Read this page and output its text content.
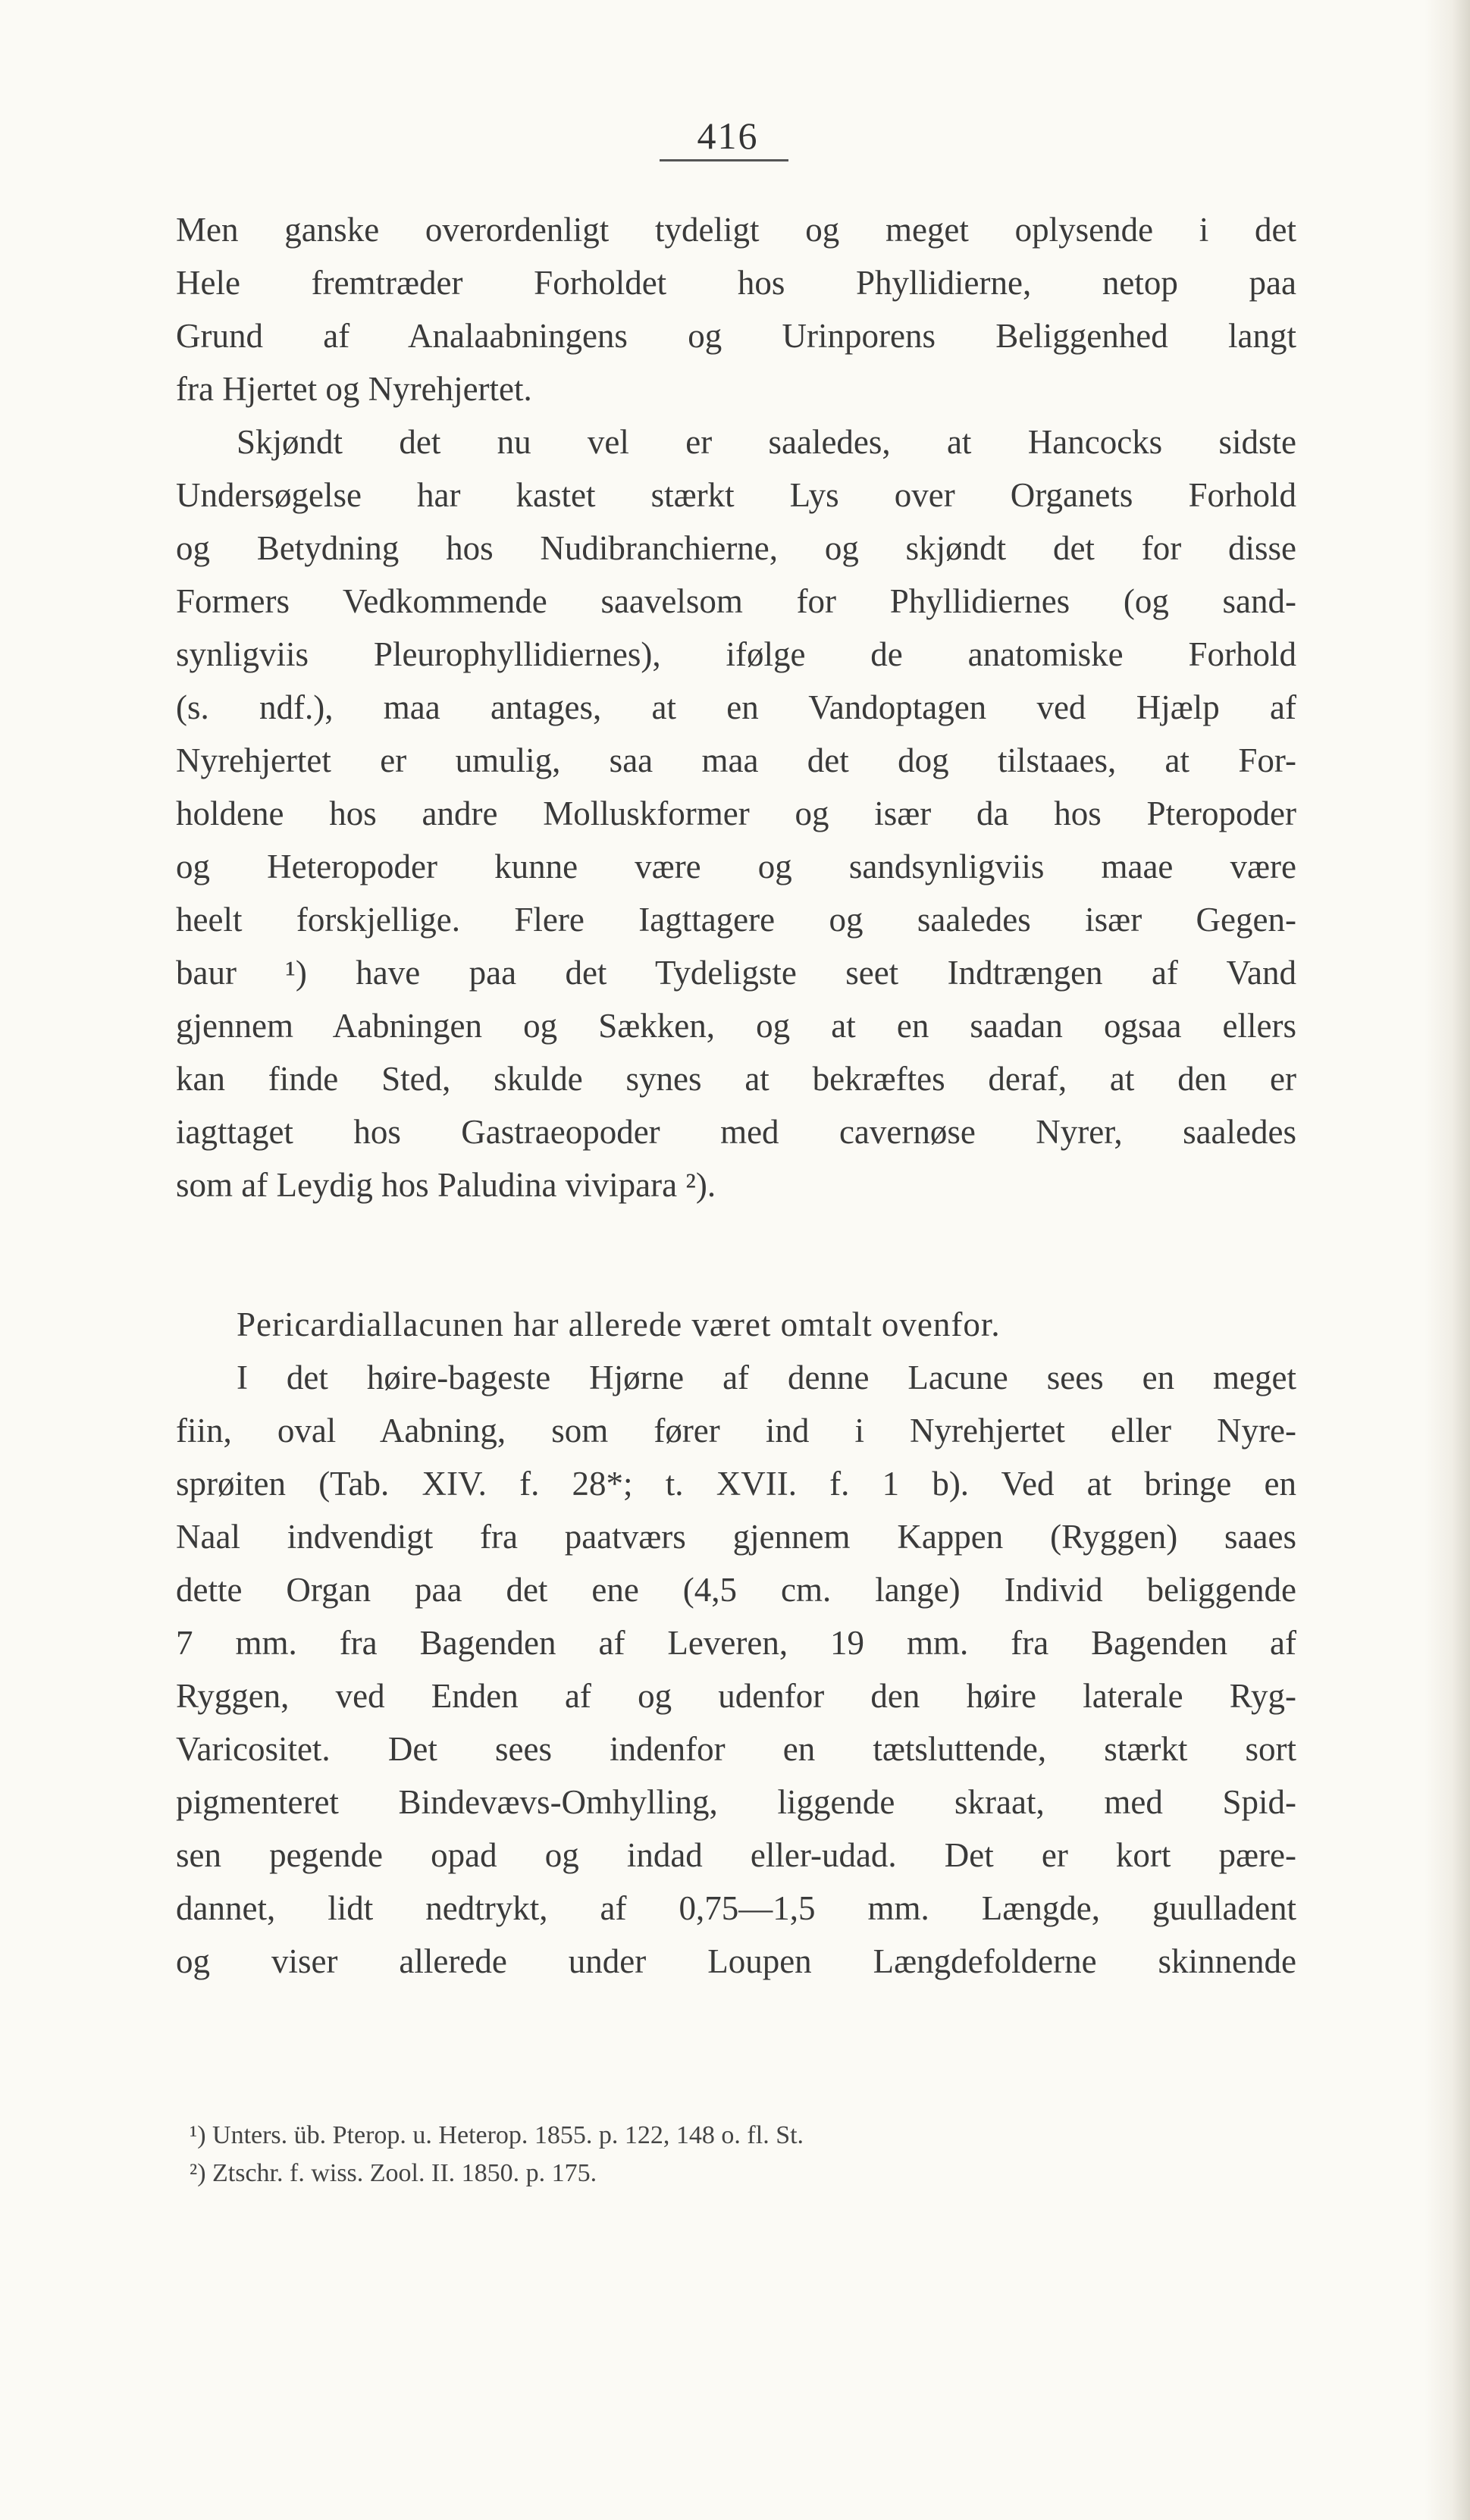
416
Men ganske overordenligt tydeligt og meget oplysende i det
Hele fremtræder Forholdet hos Phyllidierne, netop paa
Grund af Analaabningens og Urinporens Beliggenhed langt
fra Hjertet og Nyrehjertet.
Skjøndt det nu vel er saaledes, at Hancocks sidste
Undersøgelse har kastet stærkt Lys over Organets Forhold
og Betydning hos Nudibranchierne, og skjøndt det for disse
Formers Vedkommende saavelsom for Phyllidiernes (og sand-
synligviis Pleurophyllidiernes), ifølge de anatomiske Forhold
(s. ndf.), maa antages, at en Vandoptagen ved Hjælp af
Nyrehjertet er umulig, saa maa det dog tilstaaes, at For-
holdene hos andre Molluskformer og især da hos Pteropoder
og Heteropoder kunne være og sandsynligviis maae være
heelt forskjellige. Flere Iagttagere og saaledes især Gegen-
baur ¹) have paa det Tydeligste seet Indtrængen af Vand
gjennem Aabningen og Sækken, og at en saadan ogsaa ellers
kan finde Sted, skulde synes at bekræftes deraf, at den er
iagttaget hos Gastraeopoder med cavernøse Nyrer, saaledes
som af Leydig hos Paludina vivipara ²).
Pericardiallacunen har allerede været omtalt ovenfor.
I det høire-bageste Hjørne af denne Lacune sees en meget
fiin, oval Aabning, som fører ind i Nyrehjertet eller Nyre-
sprøiten (Tab. XIV. f. 28*; t. XVII. f. 1 b). Ved at bringe en
Naal indvendigt fra paatværs gjennem Kappen (Ryggen) saaes
dette Organ paa det ene (4,5 cm. lange) Individ beliggende
7 mm. fra Bagenden af Leveren, 19 mm. fra Bagenden af
Ryggen, ved Enden af og udenfor den høire laterale Ryg-
Varicositet. Det sees indenfor en tætsluttende, stærkt sort
pigmenteret Bindevævs-Omhylling, liggende skraat, med Spid-
sen pegende opad og indad eller-udad. Det er kort pære-
dannet, lidt nedtrykt, af 0,75—1,5 mm. Længde, guulladent
og viser allerede under Loupen Længdefolderne skinnende
¹) Unters. üb. Pterop. u. Heterop. 1855. p. 122, 148 o. fl. St.
²) Ztschr. f. wiss. Zool. II. 1850. p. 175.
